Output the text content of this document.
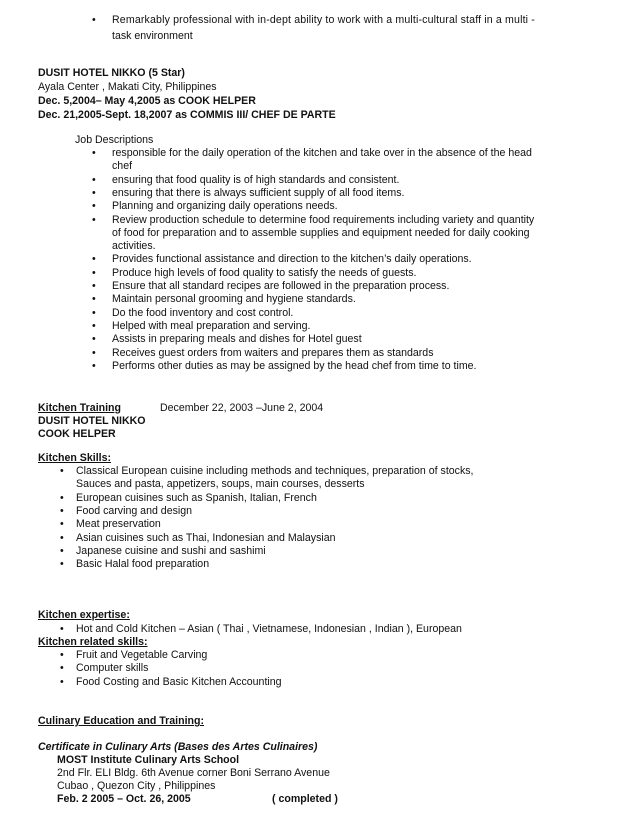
• Remarkably professional with in-dept ability to work with a multi-cultural staff in a multi -
task environment
DUSIT HOTEL NIKKO (5 Star)
Ayala Center , Makati City, Philippines
Dec. 5,2004– May 4,2005 as COOK HELPER
Dec. 21,2005-Sept. 18,2007 as COMMIS III/ CHEF DE PARTE
Job Descriptions
Kitchen Training	December 22, 2003 –June 2, 2004
DUSIT HOTEL NIKKO
COOK HELPER
Kitchen Skills:
Kitchen expertise:
Kitchen related skills:
Culinary Education and Training:
Certificate in Culinary Arts (Bases des Artes Culinaires)
MOST Institute Culinary Arts School
2nd Flr. ELI Bldg. 6th Avenue corner Boni Serrano Avenue
Cubao , Quezon City , Philippines
Feb. 2 2005 – Oct. 26, 2005	( completed )
• responsible for the daily operation of the kitchen and take over in the absence of the head
chef
• ensuring that food quality is of high standards and consistent.
• ensuring that there is always sufficient supply of all food items.
• Planning and organizing daily operations needs.
• Review production schedule to determine food requirements including variety and quantity
of food for preparation and to assemble supplies and equipment needed for daily cooking
activities.
• Provides functional assistance and direction to the kitchen’s daily operations.
• Produce high levels of food quality to satisfy the needs of guests.
• Ensure that all standard recipes are followed in the preparation process.
• Maintain personal grooming and hygiene standards.
• Do the food inventory and cost control.
• Helped with meal preparation and serving.
• Assists in preparing meals and dishes for Hotel guest
• Receives guest orders from waiters and prepares them as standards
• Performs other duties as may be assigned by the head chef from time to time.
• Classical European cuisine including methods and techniques, preparation of stocks,
Sauces and pasta, appetizers, soups, main courses, desserts
• European cuisines such as Spanish, Italian, French
• Food carving and design
• Meat preservation
• Asian cuisines such as Thai, Indonesian and Malaysian
• Japanese cuisine and sushi and sashimi
• Basic Halal food preparation
• Hot and Cold Kitchen – Asian ( Thai , Vietnamese, Indonesian , Indian ), European
• Fruit and Vegetable Carving
• Computer skills
• Food Costing and Basic Kitchen Accounting
